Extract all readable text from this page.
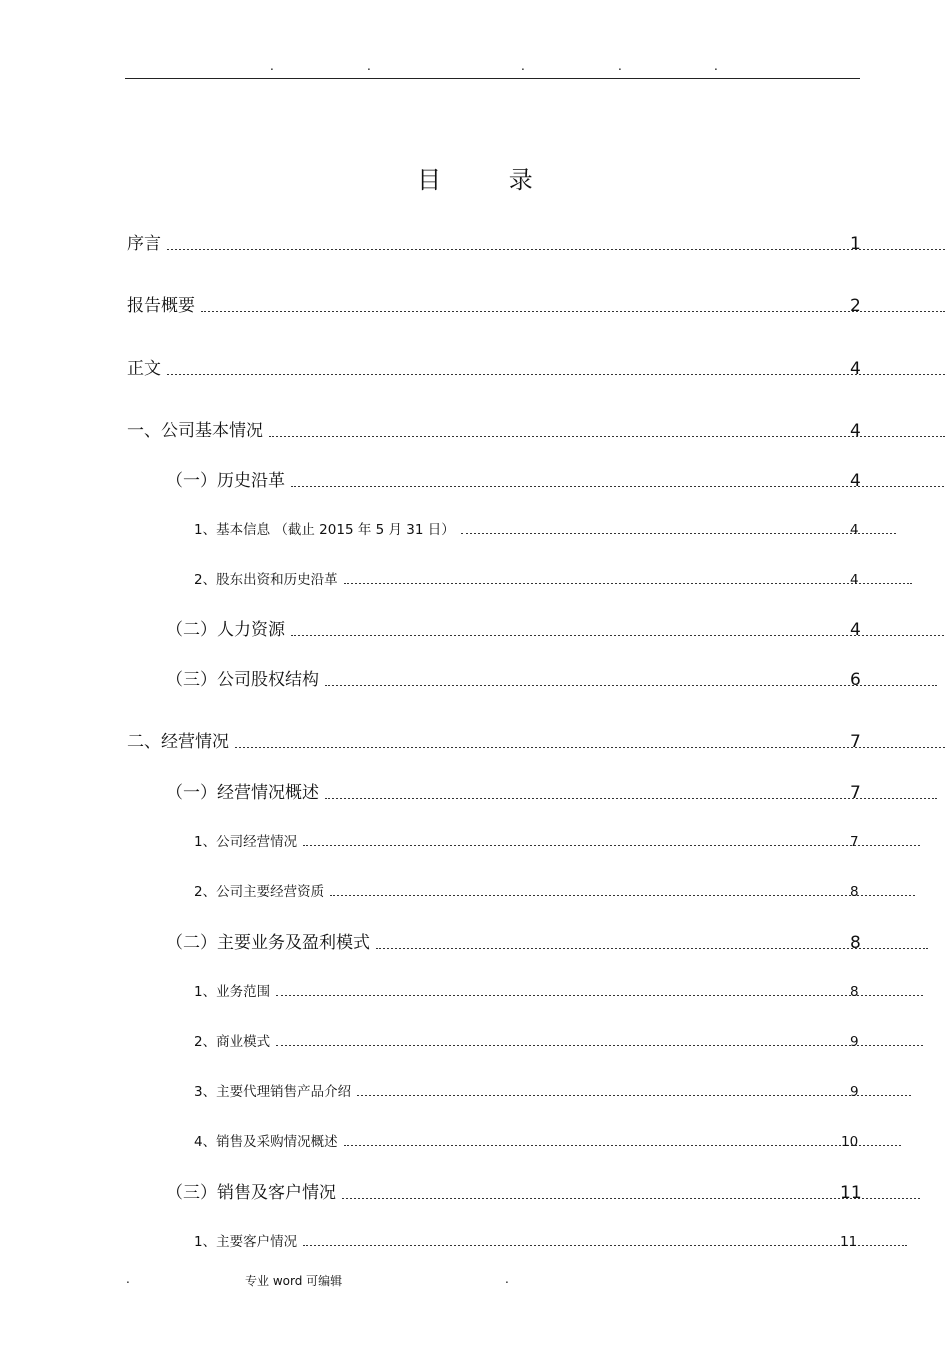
.	.	.	.	.
目 录
序言	1
报告概要	2
正文	4
一、公司基本情况	4
（一）历史沿革	4
1、基本信息 （截止 2015 年 5 月 31 日）	4
2、股东出资和历史沿革	4
（二）人力资源	4
（三）公司股权结构	6
二、经营情况	7
（一）经营情况概述	7
1、公司经营情况	7
2、公司主要经营资质	8
（二）主要业务及盈利模式	8
1、业务范围	8
2、商业模式	9
3、主要代理销售产品介绍	9
4、销售及采购情况概述	10
（三）销售及客户情况	11
1、主要客户情况	11
.	专业 word 可编辑	.
